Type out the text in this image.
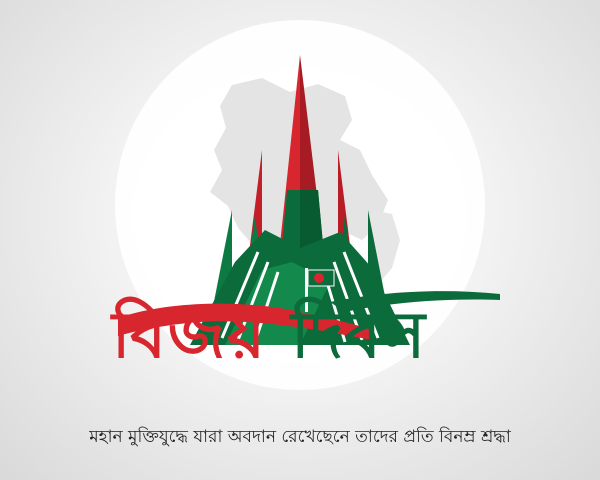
বিজয় দিবস
মহান মুক্তিযুদ্ধে যারা অবদান রেখেছেনে তাদের প্রতি বিনম্র শ্রদ্ধা
